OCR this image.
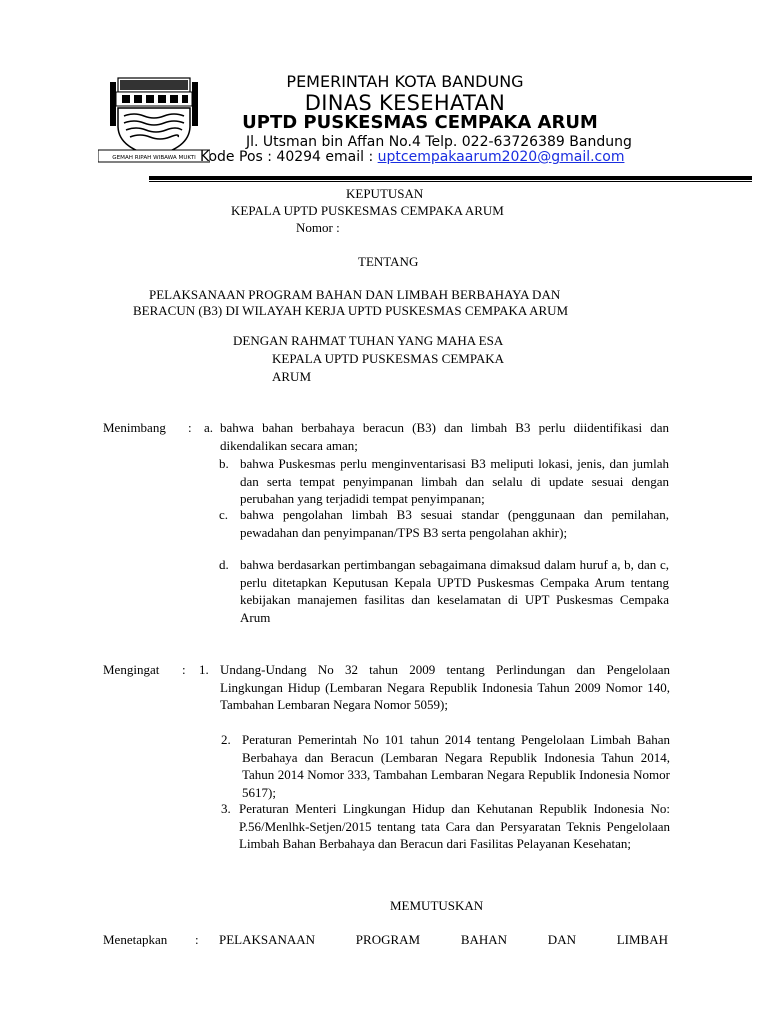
GEMAH RIPAH WIBAWA MUKTI
PEMERINTAH KOTA BANDUNG
DINAS KESEHATAN
UPTD PUSKESMAS CEMPAKA ARUM
Jl. Utsman bin Affan No.4 Telp. 022-63726389 Bandung
Kode Pos : 40294 email : uptcempakaarum2020@gmail.com
KEPUTUSAN
KEPALA UPTD PUSKESMAS CEMPAKA ARUM
Nomor :
TENTANG
PELAKSANAAN PROGRAM BAHAN DAN LIMBAH BERBAHAYA DAN
BERACUN (B3) DI WILAYAH KERJA UPTD PUSKESMAS CEMPAKA ARUM
DENGAN RAHMAT TUHAN YANG MAHA ESA
KEPALA UPTD PUSKESMAS CEMPAKA
ARUM
Menimbang : a. bahwa bahan berbahaya beracun (B3) dan limbah B3 perlu diidentifikasi dan dikendalikan secara aman;
b. bahwa Puskesmas perlu menginventarisasi B3 meliputi lokasi, jenis, dan jumlah dan serta tempat penyimpanan limbah dan selalu di update sesuai dengan perubahan yang terjadidi tempat penyimpanan;
c. bahwa pengolahan limbah B3 sesuai standar (penggunaan dan pemilahan, pewadahan dan penyimpanan/TPS B3 serta pengolahan akhir);
d. bahwa berdasarkan pertimbangan sebagaimana dimaksud dalam huruf a, b, dan c, perlu ditetapkan Keputusan Kepala UPTD Puskesmas Cempaka Arum tentang kebijakan manajemen fasilitas dan keselamatan di UPT Puskesmas Cempaka Arum
Mengingat : 1. Undang-Undang No 32 tahun 2009 tentang Perlindungan dan Pengelolaan Lingkungan Hidup (Lembaran Negara Republik Indonesia Tahun 2009 Nomor 140, Tambahan Lembaran Negara Nomor 5059);
2. Peraturan Pemerintah No 101 tahun 2014 tentang Pengelolaan Limbah Bahan Berbahaya dan Beracun (Lembaran Negara Republik Indonesia Tahun 2014, Tahun 2014 Nomor 333, Tambahan Lembaran Negara Republik Indonesia Nomor 5617);
3. Peraturan Menteri Lingkungan Hidup dan Kehutanan Republik Indonesia No: P.56/Menlhk-Setjen/2015 tentang tata Cara dan Persyaratan Teknis Pengelolaan Limbah Bahan Berbahaya dan Beracun dari Fasilitas Pelayanan Kesehatan;
MEMUTUSKAN
Menetapkan : PELAKSANAAN PROGRAM BAHAN DAN LIMBAH
